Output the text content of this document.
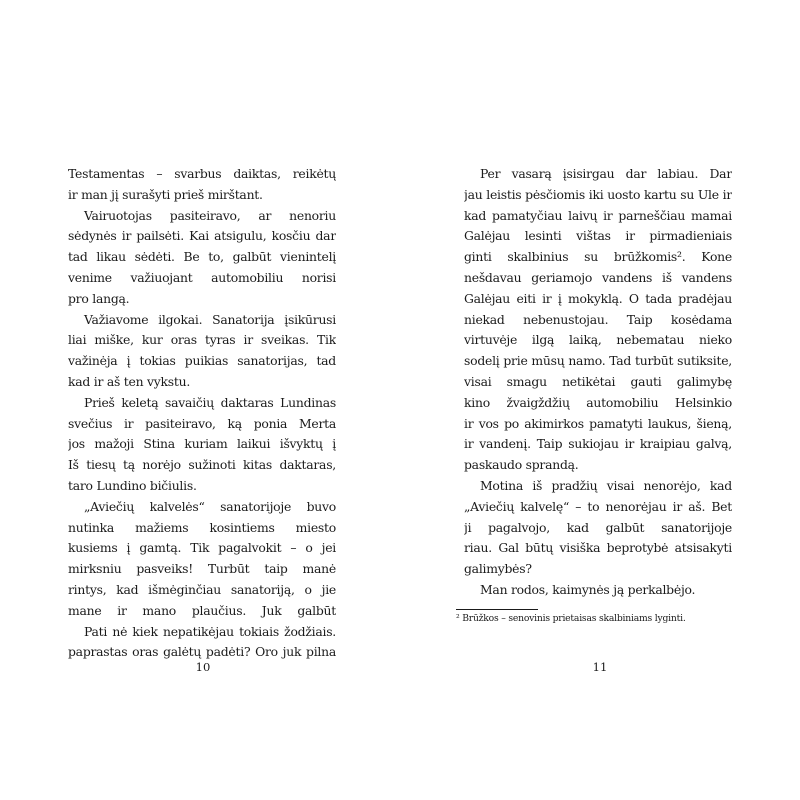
Testamentas – svarbus daiktas, reikėtų
ir man jį surašyti prieš mirštant.
Vairuotojas pasiteiravo, ar nenoriu
sėdynės ir pailsėti. Kai atsigulu, kosčiu dar
tad likau sėdėti. Be to, galbūt vienintelį
venime važiuojant automobiliu norisi
pro langą.
Važiavome ilgokai. Sanatorija įsikūrusi
liai miške, kur oras tyras ir sveikas. Tik
važinėja į tokias puikias sanatorijas, tad
kad ir aš ten vykstu.
Prieš keletą savaičių daktaras Lundinas
svečius ir pasiteiravo, ką ponia Merta
jos mažoji Stina kuriam laikui išvyktų į
Iš tiesų tą norėjo sužinoti kitas daktaras,
taro Lundino bičiulis.
„Aviečių kalvelės“ sanatorijoje buvo
nutinka mažiems kosintiems miesto
kusiems į gamtą. Tik pagalvokit – o jei
mirksniu pasveiks! Turbūt taip manė
rintys, kad išmėginčiau sanatoriją, o jie
mane ir mano plaučius. Juk galbūt
Pati nė kiek nepatikėjau tokiais žodžiais.
paprastas oras galėtų padėti? Oro juk pilna
10
Per vasarą įsisirgau dar labiau. Dar
jau leistis pėsčiomis iki uosto kartu su Ule ir
kad pamatyčiau laivų ir parneščiau mamai
Galėjau lesinti vištas ir pirmadieniais
ginti skalbinius su brūžkomis². Kone
nešdavau geriamojo vandens iš vandens
Galėjau eiti ir į mokyklą. O tada pradėjau
niekad nebenustojau. Taip kosėdama
virtuvėje ilgą laiką, nebematau nieko
sodelį prie mūsų namo. Tad turbūt sutiksite,
visai smagu netikėtai gauti galimybę
kino žvaigždžių automobiliu Helsinkio
ir vos po akimirkos pamatyti laukus, šieną,
ir vandenį. Taip sukiojau ir kraipiau galvą,
paskaudo sprandą.
Motina iš pradžių visai nenorėjo, kad
„Aviečių kalvelę“ – to nenorėjau ir aš. Bet
ji pagalvojo, kad galbūt sanatorijoje
riau. Gal būtų visiška beprotybė atsisakyti
galimybės?
Man rodos, kaimynės ją perkalbėjo.
² Brūžkos – senovinis prietaisas skalbiniams lyginti.
11
